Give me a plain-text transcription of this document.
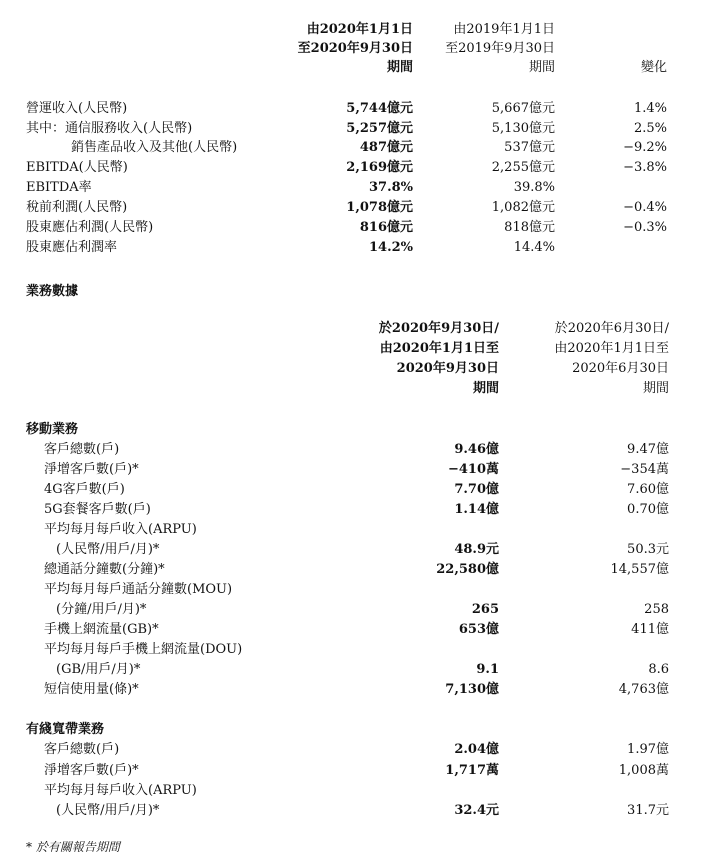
由2020年1月1日
至2020年9月30日
期間
由2019年1月1日
至2019年9月30日
期間	變化
營運收入(人民幣)	5,744億元	5,667億元	1.4%
其中：通信服務收入(人民幣)	5,257億元	5,130億元	2.5%
銷售產品收入及其他(人民幣)	487億元	537億元	−9.2%
EBITDA(人民幣)	2,169億元	2,255億元	−3.8%
EBITDA率	37.8%	39.8%
稅前利潤(人民幣)	1,078億元	1,082億元	−0.4%
股東應佔利潤(人民幣)	816億元	818億元	−0.3%
股東應佔利潤率	14.2%	14.4%
業務數據
於2020年9月30日/
由2020年1月1日至
2020年9月30日
期間
於2020年6月30日/
由2020年1月1日至
2020年6月30日
期間
移動業務
客戶總數(戶)	9.46億	9.47億
淨增客戶數(戶)*	−410萬	−354萬
4G客戶數(戶)	7.70億	7.60億
5G套餐客戶數(戶)	1.14億	0.70億
平均每月每戶收入(ARPU)
(人民幣/用戶/月)*	48.9元	50.3元
總通話分鐘數(分鐘)*	22,580億	14,557億
平均每月每戶通話分鐘數(MOU)
(分鐘/用戶/月)*	265	258
手機上網流量(GB)*	653億	411億
平均每月每戶手機上網流量(DOU)
(GB/用戶/月)*	9.1	8.6
短信使用量(條)*	7,130億	4,763億
有綫寬帶業務
客戶總數(戶)	2.04億	1.97億
淨增客戶數(戶)*	1,717萬	1,008萬
平均每月每戶收入(ARPU)
(人民幣/用戶/月)*	32.4元	31.7元
* 於有關報告期間
